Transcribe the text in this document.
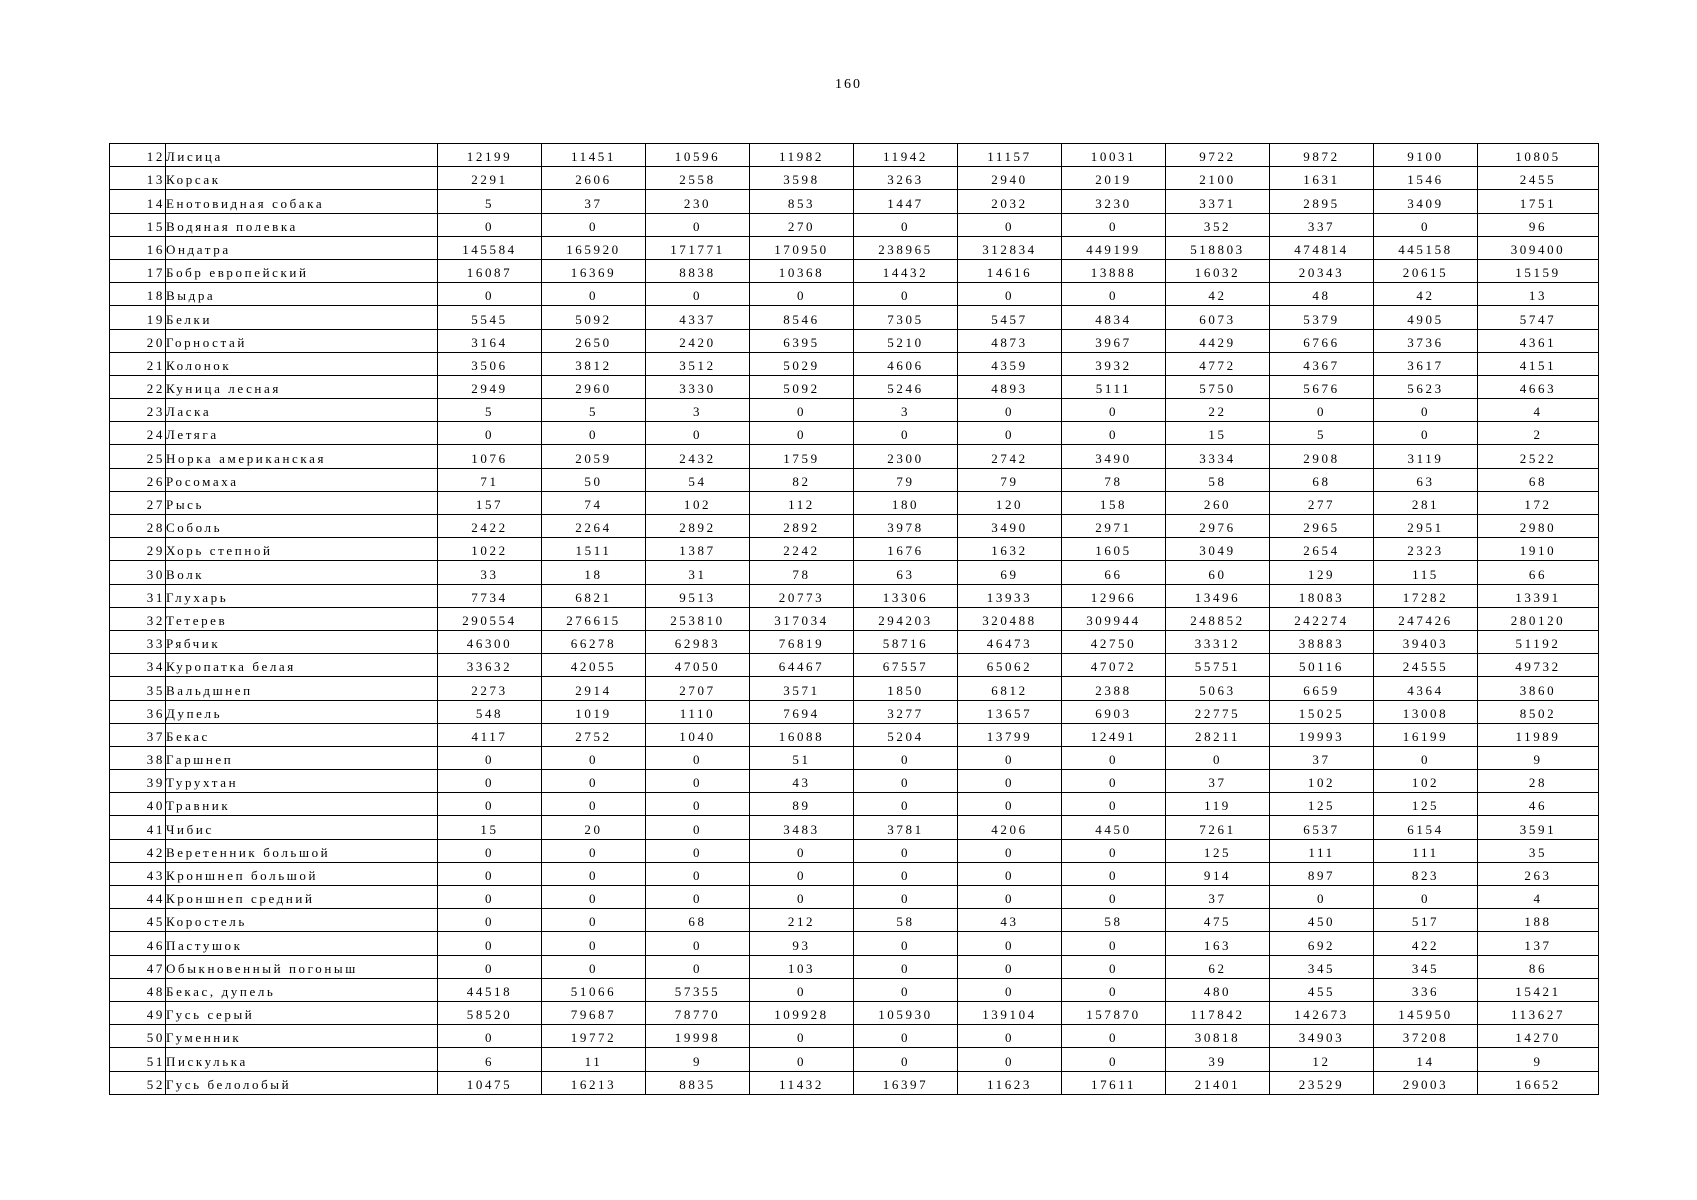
160
12	Лисица	12199	11451	10596	11982	11942	11157	10031	9722	9872	9100	10805
13	Корсак	2291	2606	2558	3598	3263	2940	2019	2100	1631	1546	2455
14	Енотовидная собака	5	37	230	853	1447	2032	3230	3371	2895	3409	1751
15	Водяная полевка	0	0	0	270	0	0	0	352	337	0	96
16	Ондатра	145584	165920	171771	170950	238965	312834	449199	518803	474814	445158	309400
17	Бобр европейский	16087	16369	8838	10368	14432	14616	13888	16032	20343	20615	15159
18	Выдра	0	0	0	0	0	0	0	42	48	42	13
19	Белки	5545	5092	4337	8546	7305	5457	4834	6073	5379	4905	5747
20	Горностай	3164	2650	2420	6395	5210	4873	3967	4429	6766	3736	4361
21	Колонок	3506	3812	3512	5029	4606	4359	3932	4772	4367	3617	4151
22	Куница лесная	2949	2960	3330	5092	5246	4893	5111	5750	5676	5623	4663
23	Ласка	5	5	3	0	3	0	0	22	0	0	4
24	Летяга	0	0	0	0	0	0	0	15	5	0	2
25	Норка американская	1076	2059	2432	1759	2300	2742	3490	3334	2908	3119	2522
26	Росомаха	71	50	54	82	79	79	78	58	68	63	68
27	Рысь	157	74	102	112	180	120	158	260	277	281	172
28	Соболь	2422	2264	2892	2892	3978	3490	2971	2976	2965	2951	2980
29	Хорь степной	1022	1511	1387	2242	1676	1632	1605	3049	2654	2323	1910
30	Волк	33	18	31	78	63	69	66	60	129	115	66
31	Глухарь	7734	6821	9513	20773	13306	13933	12966	13496	18083	17282	13391
32	Тетерев	290554	276615	253810	317034	294203	320488	309944	248852	242274	247426	280120
33	Рябчик	46300	66278	62983	76819	58716	46473	42750	33312	38883	39403	51192
34	Куропатка белая	33632	42055	47050	64467	67557	65062	47072	55751	50116	24555	49732
35	Вальдшнеп	2273	2914	2707	3571	1850	6812	2388	5063	6659	4364	3860
36	Дупель	548	1019	1110	7694	3277	13657	6903	22775	15025	13008	8502
37	Бекас	4117	2752	1040	16088	5204	13799	12491	28211	19993	16199	11989
38	Гаршнеп	0	0	0	51	0	0	0	0	37	0	9
39	Турухтан	0	0	0	43	0	0	0	37	102	102	28
40	Травник	0	0	0	89	0	0	0	119	125	125	46
41	Чибис	15	20	0	3483	3781	4206	4450	7261	6537	6154	3591
42	Веретенник большой	0	0	0	0	0	0	0	125	111	111	35
43	Кроншнеп большой	0	0	0	0	0	0	0	914	897	823	263
44	Кроншнеп средний	0	0	0	0	0	0	0	37	0	0	4
45	Коростель	0	0	68	212	58	43	58	475	450	517	188
46	Пастушок	0	0	0	93	0	0	0	163	692	422	137
47	Обыкновенный погоныш	0	0	0	103	0	0	0	62	345	345	86
48	Бекас, дупель	44518	51066	57355	0	0	0	0	480	455	336	15421
49	Гусь серый	58520	79687	78770	109928	105930	139104	157870	117842	142673	145950	113627
50	Гуменник	0	19772	19998	0	0	0	0	30818	34903	37208	14270
51	Пискулька	6	11	9	0	0	0	0	39	12	14	9
52	Гусь белолобый	10475	16213	8835	11432	16397	11623	17611	21401	23529	29003	16652
